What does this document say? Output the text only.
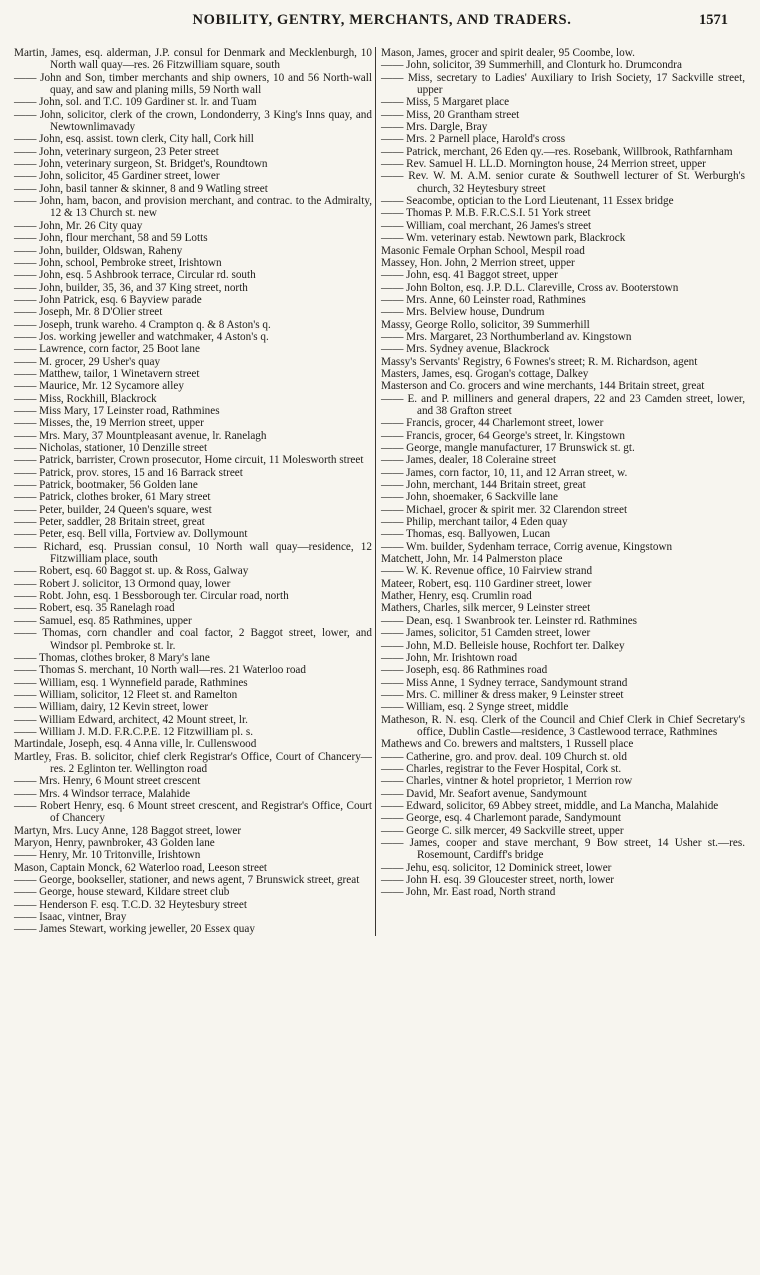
NOBILITY, GENTRY, MERCHANTS, AND TRADERS.	1571

Martin, James, esq. alderman, J.P. consul for Denmark and Mecklenburgh, 10 North wall quay—res. 26 Fitzwilliam square, south

—— John and Son, timber merchants and ship owners, 10 and 56 North-wall quay, and saw and planing mills, 59 North wall

—— John, sol. and T.C. 109 Gardiner st. lr. and Tuam

—— John, solicitor, clerk of the crown, Londonderry, 3 King's Inns quay, and Newtownlimavady

—— John, esq. assist. town clerk, City hall, Cork hill

—— John, veterinary surgeon, 23 Peter street

—— John, veterinary surgeon, St. Bridget's, Roundtown

—— John, solicitor, 45 Gardiner street, lower

—— John, basil tanner & skinner, 8 and 9 Watling street

—— John, ham, bacon, and provision merchant, and contrac. to the Admiralty, 12 & 13 Church st. new

—— John, Mr. 26 City quay

—— John, flour merchant, 58 and 59 Lotts

—— John, builder, Oldswan, Raheny

—— John, school, Pembroke street, Irishtown

—— John, esq. 5 Ashbrook terrace, Circular rd. south

—— John, builder, 35, 36, and 37 King street, north

—— John Patrick, esq. 6 Bayview parade

—— Joseph, Mr. 8 D'Olier street

—— Joseph, trunk wareho. 4 Crampton q. & 8 Aston's q.

—— Jos. working jeweller and watchmaker, 4 Aston's q.

—— Lawrence, corn factor, 25 Boot lane

—— M. grocer, 29 Usher's quay

—— Matthew, tailor, 1 Winetavern street

—— Maurice, Mr. 12 Sycamore alley

—— Miss, Rockhill, Blackrock

—— Miss Mary, 17 Leinster road, Rathmines

—— Misses, the, 19 Merrion street, upper

—— Mrs. Mary, 37 Mountpleasant avenue, lr. Ranelagh

—— Nicholas, stationer, 10 Denzille street

—— Patrick, barrister, Crown prosecutor, Home circuit, 11 Molesworth street

—— Patrick, prov. stores, 15 and 16 Barrack street

—— Patrick, bootmaker, 56 Golden lane

—— Patrick, clothes broker, 61 Mary street

—— Peter, builder, 24 Queen's square, west

—— Peter, saddler, 28 Britain street, great

—— Peter, esq. Bell villa, Fortview av. Dollymount

—— Richard, esq. Prussian consul, 10 North wall quay—residence, 12 Fitzwilliam place, south

—— Robert, esq. 60 Baggot st. up. & Ross, Galway

—— Robert J. solicitor, 13 Ormond quay, lower

—— Robt. John, esq. 1 Bessborough ter. Circular road, north

—— Robert, esq. 35 Ranelagh road

—— Samuel, esq. 85 Rathmines, upper

—— Thomas, corn chandler and coal factor, 2 Baggot street, lower, and Windsor pl. Pembroke st. lr.

—— Thomas, clothes broker, 8 Mary's lane

—— Thomas S. merchant, 10 North wall—res. 21 Waterloo road

—— William, esq. 1 Wynnefield parade, Rathmines

—— William, solicitor, 12 Fleet st. and Ramelton

—— William, dairy, 12 Kevin street, lower

—— William Edward, architect, 42 Mount street, lr.

—— William J. M.D. F.R.C.P.E. 12 Fitzwilliam pl. s.

Martindale, Joseph, esq. 4 Anna ville, lr. Cullenswood

Martley, Fras. B. solicitor, chief clerk Registrar's Office, Court of Chancery—res. 2 Eglinton ter. Wellington road

—— Mrs. Henry, 6 Mount street crescent

—— Mrs. 4 Windsor terrace, Malahide

—— Robert Henry, esq. 6 Mount street crescent, and Registrar's Office, Court of Chancery

Martyn, Mrs. Lucy Anne, 128 Baggot street, lower

Maryon, Henry, pawnbroker, 43 Golden lane

—— Henry, Mr. 10 Tritonville, Irishtown

Mason, Captain Monck, 62 Waterloo road, Leeson street

—— George, bookseller, stationer, and news agent, 7 Brunswick street, great

—— George, house steward, Kildare street club

—— Henderson F. esq. T.C.D. 32 Heytesbury street

—— Isaac, vintner, Bray

—— James Stewart, working jeweller, 20 Essex quay

Mason, James, grocer and spirit dealer, 95 Coombe, low.

—— John, solicitor, 39 Summerhill, and Clonturk ho. Drumcondra

—— Miss, secretary to Ladies' Auxiliary to Irish Society, 17 Sackville street, upper

—— Miss, 5 Margaret place

—— Miss, 20 Grantham street

—— Mrs. Dargle, Bray

—— Mrs. 2 Parnell place, Harold's cross

—— Patrick, merchant, 26 Eden qy.—res. Rosebank, Willbrook, Rathfarnham

—— Rev. Samuel H. LL.D. Mornington house, 24 Merrion street, upper

—— Rev. W. M. A.M. senior curate & Southwell lecturer of St. Werburgh's church, 32 Heytesbury street

—— Seacombe, optician to the Lord Lieutenant, 11 Essex bridge

—— Thomas P. M.B. F.R.C.S.I. 51 York street

—— William, coal merchant, 26 James's street

—— Wm. veterinary estab. Newtown park, Blackrock

Masonic Female Orphan School, Mespil road

Massey, Hon. John, 2 Merrion street, upper

—— John, esq. 41 Baggot street, upper

—— John Bolton, esq. J.P. D.L. Clareville, Cross av. Booterstown

—— Mrs. Anne, 60 Leinster road, Rathmines

—— Mrs. Belview house, Dundrum

Massy, George Rollo, solicitor, 39 Summerhill

—— Mrs. Margaret, 23 Northumberland av. Kingstown

—— Mrs. Sydney avenue, Blackrock

Massy's Servants' Registry, 6 Fownes's street; R. M. Richardson, agent

Masters, James, esq. Grogan's cottage, Dalkey

Masterson and Co. grocers and wine merchants, 144 Britain street, great

—— E. and P. milliners and general drapers, 22 and 23 Camden street, lower, and 38 Grafton street

—— Francis, grocer, 44 Charlemont street, lower

—— Francis, grocer, 64 George's street, lr. Kingstown

—— George, mangle manufacturer, 17 Brunswick st. gt.

—— James, dealer, 18 Coleraine street

—— James, corn factor, 10, 11, and 12 Arran street, w.

—— John, merchant, 144 Britain street, great

—— John, shoemaker, 6 Sackville lane

—— Michael, grocer & spirit mer. 32 Clarendon street

—— Philip, merchant tailor, 4 Eden quay

—— Thomas, esq. Ballyowen, Lucan

—— Wm. builder, Sydenham terrace, Corrig avenue, Kingstown

Matchett, John, Mr. 14 Palmerston place

—— W. K. Revenue office, 10 Fairview strand

Mateer, Robert, esq. 110 Gardiner street, lower

Mather, Henry, esq. Crumlin road

Mathers, Charles, silk mercer, 9 Leinster street

—— Dean, esq. 1 Swanbrook ter. Leinster rd. Rathmines

—— James, solicitor, 51 Camden street, lower

—— John, M.D. Belleisle house, Rochfort ter. Dalkey

—— John, Mr. Irishtown road

—— Joseph, esq. 86 Rathmines road

—— Miss Anne, 1 Sydney terrace, Sandymount strand

—— Mrs. C. milliner & dress maker, 9 Leinster street

—— William, esq. 2 Synge street, middle

Matheson, R. N. esq. Clerk of the Council and Chief Clerk in Chief Secretary's office, Dublin Castle—residence, 3 Castlewood terrace, Rathmines

Mathews and Co. brewers and maltsters, 1 Russell place

—— Catherine, gro. and prov. deal. 109 Church st. old

—— Charles, registrar to the Fever Hospital, Cork st.

—— Charles, vintner & hotel proprietor, 1 Merrion row

—— David, Mr. Seafort avenue, Sandymount

—— Edward, solicitor, 69 Abbey street, middle, and La Mancha, Malahide

—— George, esq. 4 Charlemont parade, Sandymount

—— George C. silk mercer, 49 Sackville street, upper

—— James, cooper and stave merchant, 9 Bow street, 14 Usher st.—res. Rosemount, Cardiff's bridge

—— Jehu, esq. solicitor, 12 Dominick street, lower

—— John H. esq. 39 Gloucester street, north, lower

—— John, Mr. East road, North strand
